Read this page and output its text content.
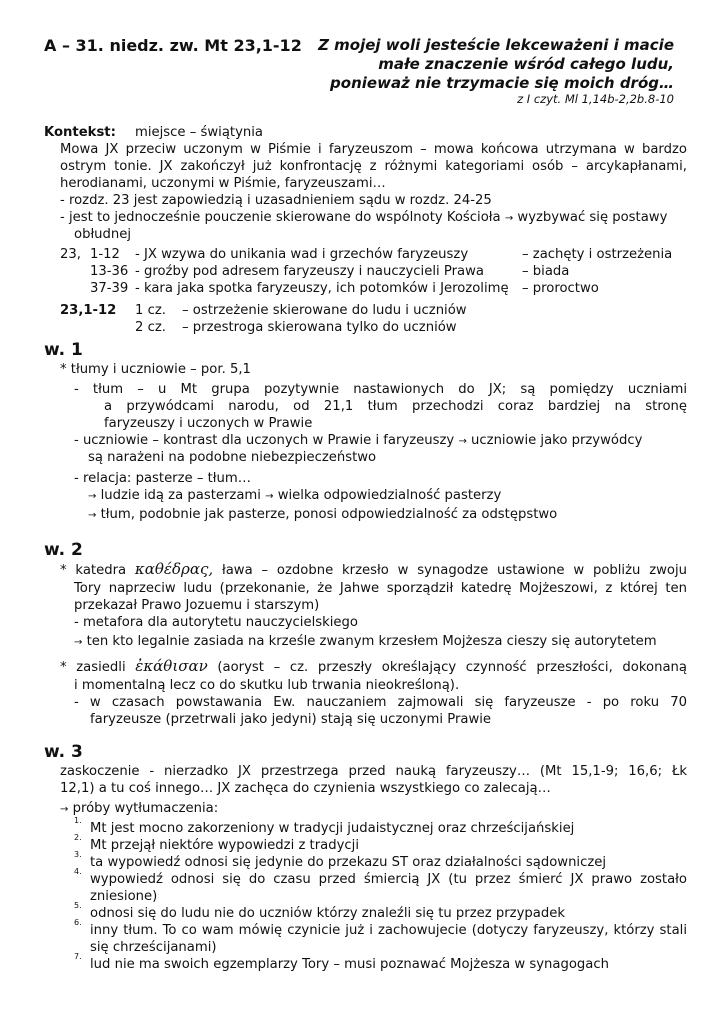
A – 31. niedz. zw. Mt 23,1-12 Z mojej woli jesteście lekceważeni i macie
małe znaczenie wśród całego ludu,
ponieważ nie trzymacie się moich dróg…
z I czyt. Ml 1,14b-2,2b.8-10
Kontekst: miejsce – świątynia
Mowa JX przeciw uczonym w Piśmie i faryzeuszom – mowa końcowa utrzymana w bardzo
ostrym tonie. JX zakończył już konfrontację z różnymi kategoriami osób – arcykapłanami,
herodianami, uczonymi w Piśmie, faryzeuszami…
- rozdz. 23 jest zapowiedzią i uzasadnieniem sądu w rozdz. 24-25
- jest to jednocześnie pouczenie skierowane do wspólnoty Kościoła → wyzbywać się postawy
obłudnej
23, 1-12 - JX wzywa do unikania wad i grzechów faryzeuszy	– zachęty i ostrzeżenia
13-36 - groźby pod adresem faryzeuszy i nauczycieli Prawa	– biada
37-39 - kara jaka spotka faryzeuszy, ich potomków i Jerozolimę – proroctwo
23,1-12 1 cz. – ostrzeżenie skierowane do ludu i uczniów
2 cz. – przestroga skierowana tylko do uczniów
w. 1
* tłumy i uczniowie – por. 5,1
- tłum – u Mt grupa pozytywnie nastawionych do JX; są pomiędzy uczniami
a przywódcami narodu, od 21,1 tłum przechodzi coraz bardziej na stronę
faryzeuszy i uczonych w Prawie
- uczniowie – kontrast dla uczonych w Prawie i faryzeuszy → uczniowie jako przywódcy
są narażeni na podobne niebezpieczeństwo
- relacja: pasterze – tłum…
→ ludzie idą za pasterzami → wielka odpowiedzialność pasterzy
→ tłum, podobnie jak pasterze, ponosi odpowiedzialność za odstępstwo
w. 2
* katedra καθέδρας, ława – ozdobne krzesło w synagodze ustawione w pobliżu zwoju
Tory naprzeciw ludu (przekonanie, że Jahwe sporządził katedrę Mojżeszowi, z której ten
przekazał Prawo Jozuemu i starszym)
- metafora dla autorytetu nauczycielskiego
→ ten kto legalnie zasiada na krześle zwanym krzesłem Mojżesza cieszy się autorytetem
* zasiedli ἐκάθισαν (aoryst – cz. przeszły określający czynność przeszłości, dokonaną
i momentalną lecz co do skutku lub trwania nieokreśloną).
- w czasach powstawania Ew. nauczaniem zajmowali się faryzeusze - po roku 70
faryzeusze (przetrwali jako jedyni) stają się uczonymi Prawie
w. 3
zaskoczenie - nierzadko JX przestrzega przed nauką faryzeuszy… (Mt 15,1-9; 16,6; Łk
12,1) a tu coś innego… JX zachęca do czynienia wszystkiego co zalecają…
→ próby wytłumaczenia:
1.
Mt jest mocno zakorzeniony w tradycji judaistycznej oraz chrześcijańskiej
2.
Mt przejął niektóre wypowiedzi z tradycji
3.
ta wypowiedź odnosi się jedynie do przekazu ST oraz działalności sądowniczej
4.
wypowiedź odnosi się do czasu przed śmiercią JX (tu przez śmierć JX prawo zostało
zniesione)
5.
odnosi się do ludu nie do uczniów którzy znaleźli się tu przez przypadek
6.
inny tłum. To co wam mówię czynicie już i zachowujecie (dotyczy faryzeuszy, którzy stali
się chrześcijanami)
7.
lud nie ma swoich egzemplarzy Tory – musi poznawać Mojżesza w synagogach
